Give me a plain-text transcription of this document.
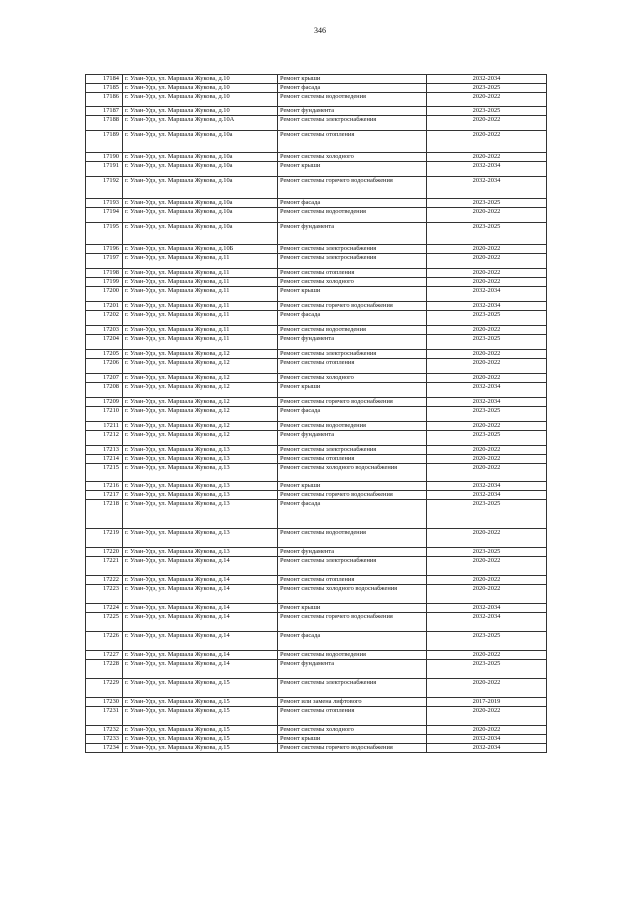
346
17184	г. Улан-Удэ, ул. Маршала Жукова, д.10	Ремонт крыши	2032-2034
17185	г. Улан-Удэ, ул. Маршала Жукова, д.10	Ремонт фасада	2023-2025
17186	г. Улан-Удэ, ул. Маршала Жукова, д.10	Ремонт системы водоотведения	2020-2022
17187	г. Улан-Удэ, ул. Маршала Жукова, д.10	Ремонт фундамента	2023-2025
17188	г. Улан-Удэ, ул. Маршала Жукова, д.10А	Ремонт системы электроснабжения	2020-2022
17189	г. Улан-Удэ, ул. Маршала Жукова, д.10а	Ремонт системы отопления	2020-2022
17190	г. Улан-Удэ, ул. Маршала Жукова, д.10а	Ремонт системы холодного	2020-2022
17191	г. Улан-Удэ, ул. Маршала Жукова, д.10а	Ремонт крыши	2032-2034
17192	г. Улан-Удэ, ул. Маршала Жукова, д.10а	Ремонт системы горячего водоснабжения	2032-2034
17193	г. Улан-Удэ, ул. Маршала Жукова, д.10а	Ремонт фасада	2023-2025
17194	г. Улан-Удэ, ул. Маршала Жукова, д.10а	Ремонт системы водоотведения	2020-2022
17195	г. Улан-Удэ, ул. Маршала Жукова, д.10а	Ремонт фундамента	2023-2025
17196	г. Улан-Удэ, ул. Маршала Жукова, д.10Б	Ремонт системы электроснабжения	2020-2022
17197	г. Улан-Удэ, ул. Маршала Жукова, д.11	Ремонт системы электроснабжения	2020-2022
17198	г. Улан-Удэ, ул. Маршала Жукова, д.11	Ремонт системы отопления	2020-2022
17199	г. Улан-Удэ, ул. Маршала Жукова, д.11	Ремонт системы холодного	2020-2022
17200	г. Улан-Удэ, ул. Маршала Жукова, д.11	Ремонт крыши	2032-2034
17201	г. Улан-Удэ, ул. Маршала Жукова, д.11	Ремонт системы горячего водоснабжения	2032-2034
17202	г. Улан-Удэ, ул. Маршала Жукова, д.11	Ремонт фасада	2023-2025
17203	г. Улан-Удэ, ул. Маршала Жукова, д.11	Ремонт системы водоотведения	2020-2022
17204	г. Улан-Удэ, ул. Маршала Жукова, д.11	Ремонт фундамента	2023-2025
17205	г. Улан-Удэ, ул. Маршала Жукова, д.12	Ремонт системы электроснабжения	2020-2022
17206	г. Улан-Удэ, ул. Маршала Жукова, д.12	Ремонт системы отопления	2020-2022
17207	г. Улан-Удэ, ул. Маршала Жукова, д.12	Ремонт системы холодного	2020-2022
17208	г. Улан-Удэ, ул. Маршала Жукова, д.12	Ремонт крыши	2032-2034
17209	г. Улан-Удэ, ул. Маршала Жукова, д.12	Ремонт системы горячего водоснабжения	2032-2034
17210	г. Улан-Удэ, ул. Маршала Жукова, д.12	Ремонт фасада	2023-2025
17211	г. Улан-Удэ, ул. Маршала Жукова, д.12	Ремонт системы водоотведения	2020-2022
17212	г. Улан-Удэ, ул. Маршала Жукова, д.12	Ремонт фундамента	2023-2025
17213	г. Улан-Удэ, ул. Маршала Жукова, д.13	Ремонт системы электроснабжения	2020-2022
17214	г. Улан-Удэ, ул. Маршала Жукова, д.13	Ремонт системы отопления	2020-2022
17215	г. Улан-Удэ, ул. Маршала Жукова, д.13	Ремонт системы холодного водоснабжения	2020-2022
17216	г. Улан-Удэ, ул. Маршала Жукова, д.13	Ремонт крыши	2032-2034
17217	г. Улан-Удэ, ул. Маршала Жукова, д.13	Ремонт системы горячего водоснабжения	2032-2034
17218	г. Улан-Удэ, ул. Маршала Жукова, д.13	Ремонт фасада	2023-2025
17219	г. Улан-Удэ, ул. Маршала Жукова, д.13	Ремонт системы водоотведения	2020-2022
17220	г. Улан-Удэ, ул. Маршала Жукова, д.13	Ремонт фундамента	2023-2025
17221	г. Улан-Удэ, ул. Маршала Жукова, д.14	Ремонт системы электроснабжения	2020-2022
17222	г. Улан-Удэ, ул. Маршала Жукова, д.14	Ремонт системы отопления	2020-2022
17223	г. Улан-Удэ, ул. Маршала Жукова, д.14	Ремонт системы холодного водоснабжения	2020-2022
17224	г. Улан-Удэ, ул. Маршала Жукова, д.14	Ремонт крыши	2032-2034
17225	г. Улан-Удэ, ул. Маршала Жукова, д.14	Ремонт системы горячего водоснабжения	2032-2034
17226	г. Улан-Удэ, ул. Маршала Жукова, д.14	Ремонт фасада	2023-2025
17227	г. Улан-Удэ, ул. Маршала Жукова, д.14	Ремонт системы водоотведения	2020-2022
17228	г. Улан-Удэ, ул. Маршала Жукова, д.14	Ремонт фундамента	2023-2025
17229	г. Улан-Удэ, ул. Маршала Жукова, д.15	Ремонт системы электроснабжения	2020-2022
17230	г. Улан-Удэ, ул. Маршала Жукова, д.15	Ремонт или замена лифтового	2017-2019
17231	г. Улан-Удэ, ул. Маршала Жукова, д.15	Ремонт системы отопления	2020-2022
17232	г. Улан-Удэ, ул. Маршала Жукова, д.15	Ремонт системы холодного	2020-2022
17233	г. Улан-Удэ, ул. Маршала Жукова, д.15	Ремонт крыши	2032-2034
17234	г. Улан-Удэ, ул. Маршала Жукова, д.15	Ремонт системы горячего водоснабжения	2032-2034
